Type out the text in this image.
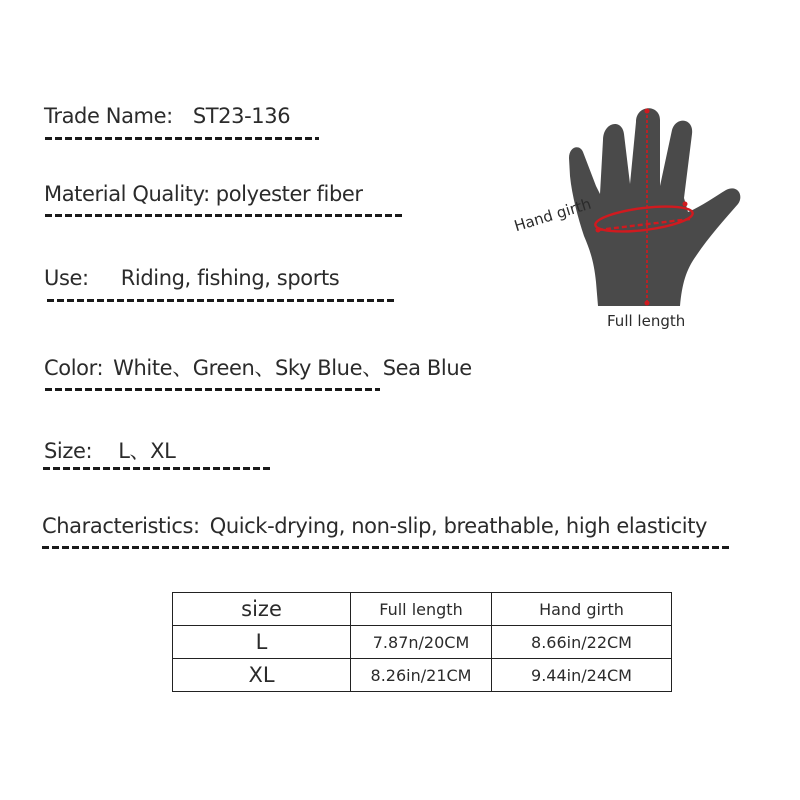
Trade Name: ST23-136
Material Quality: polyester fiber
Use: Riding, fishing, sports
Color: White、Green、Sky Blue、Sea Blue
Size: L、XL
Characteristics: Quick-drying, non-slip, breathable, high elasticity
Hand girth
Full length
size	Full length	Hand girth
L	7.87n/20CM	8.66in/22CM
XL	8.26in/21CM	9.44in/24CM
